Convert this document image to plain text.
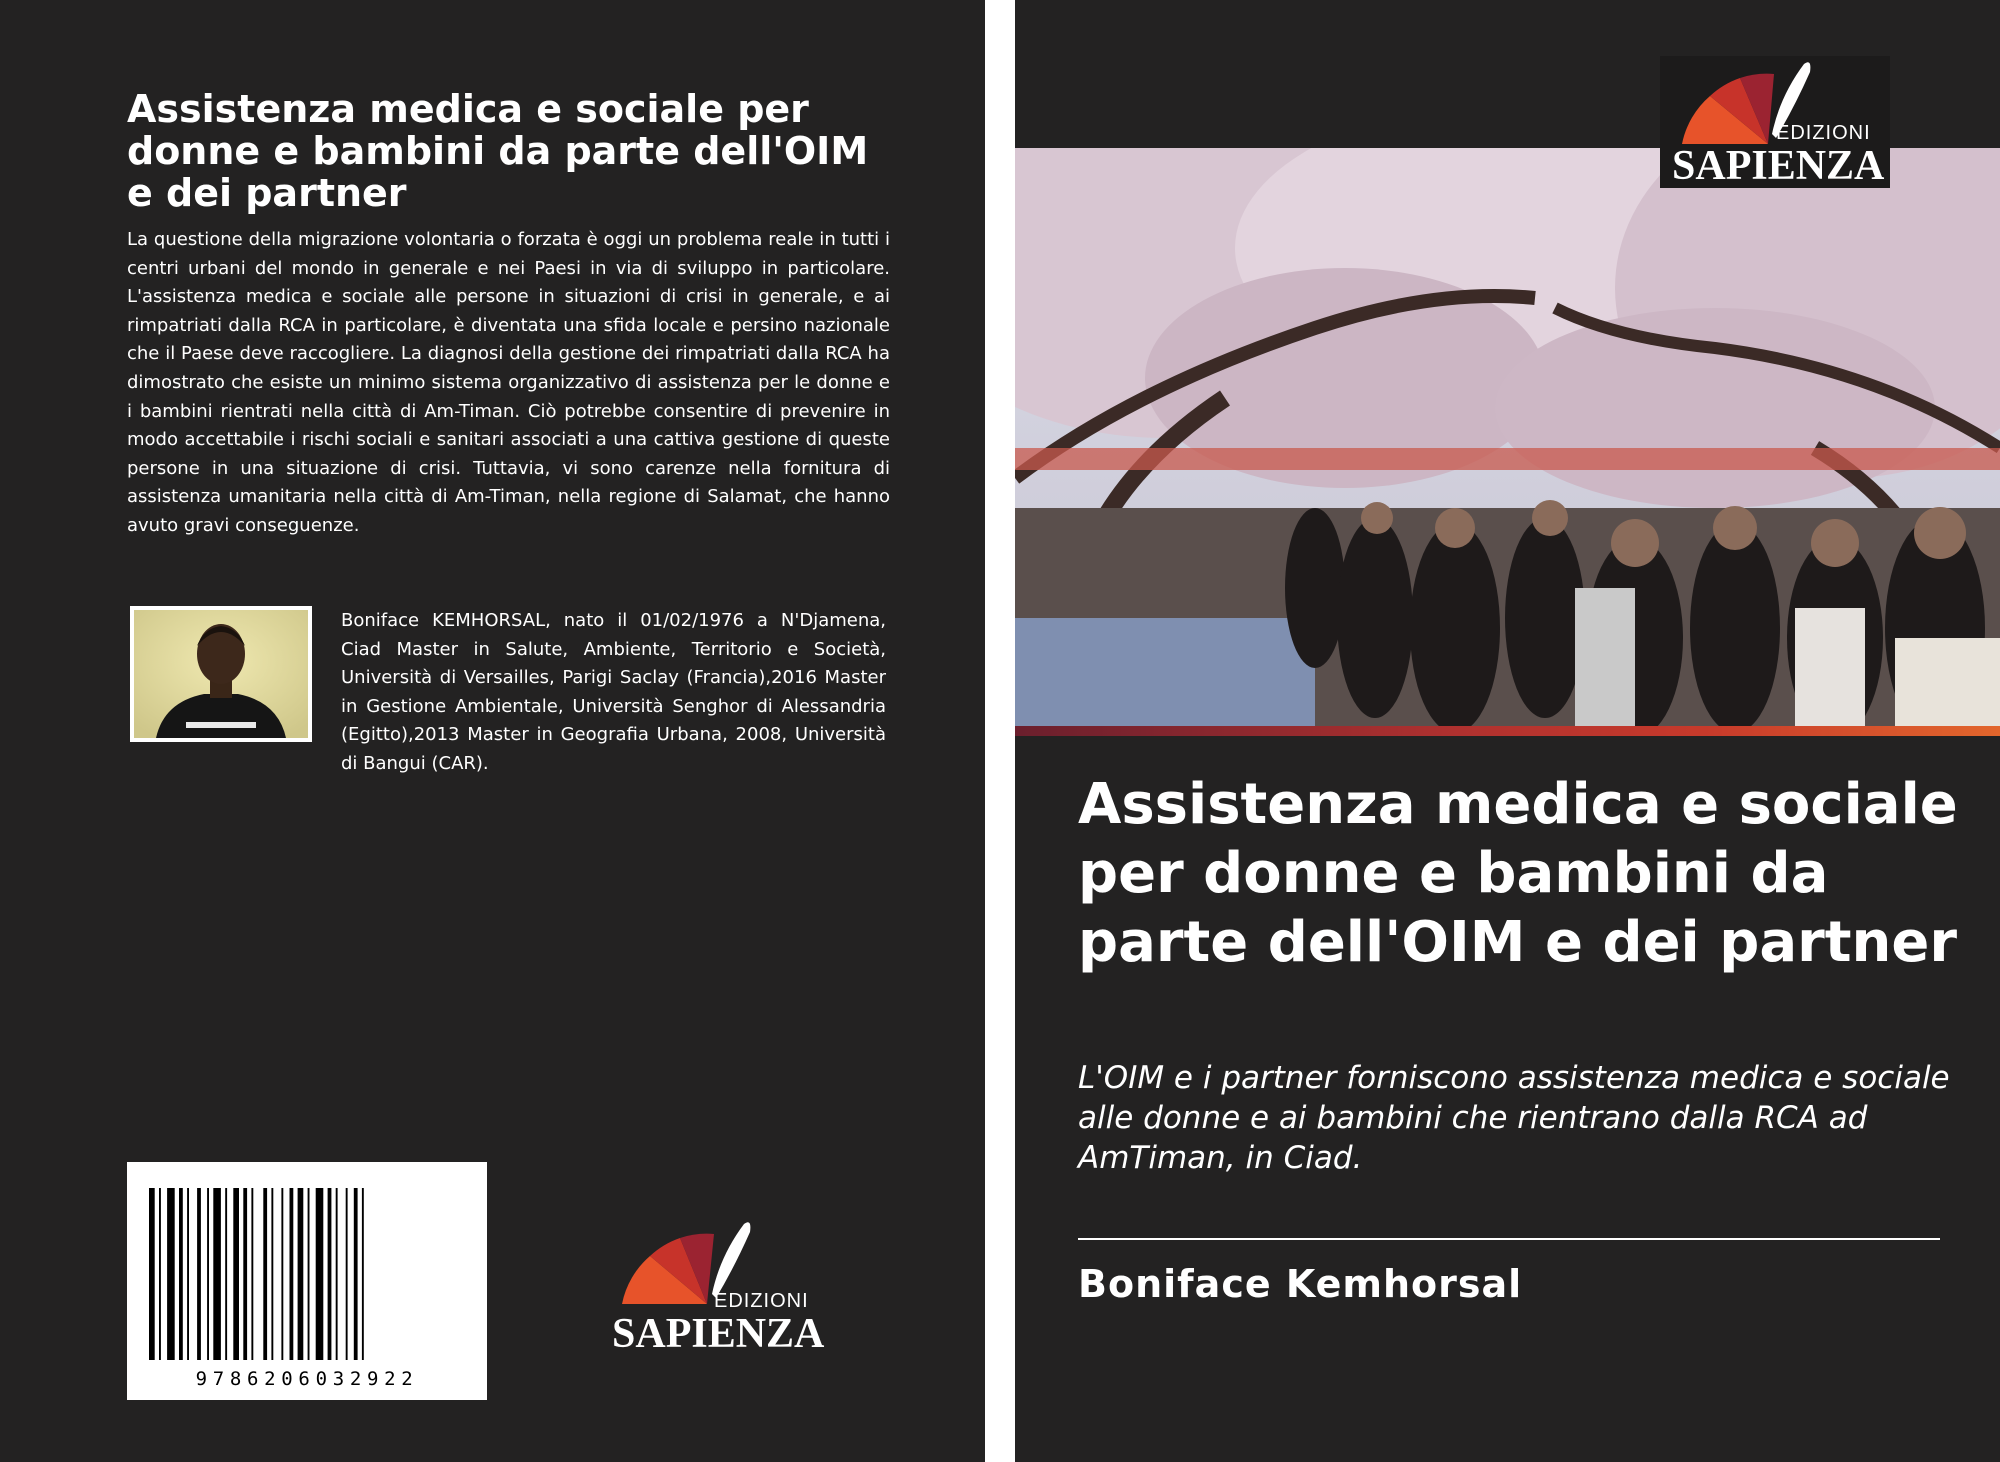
Assistenza medica e sociale per donne e bambini da parte dell'OIM e dei partner

La questione della migrazione volontaria o forzata è oggi un problema reale in tutti i centri urbani del mondo in generale e nei Paesi in via di sviluppo in particolare. L'assistenza medica e sociale alle persone in situazioni di crisi in generale, e ai rimpatriati dalla RCA in particolare, è diventata una sfida locale e persino nazionale che il Paese deve raccogliere. La diagnosi della gestione dei rimpatriati dalla RCA ha dimostrato che esiste un minimo sistema organizzativo di assistenza per le donne e i bambini rientrati nella città di Am-Timan. Ciò potrebbe consentire di prevenire in modo accettabile i rischi sociali e sanitari associati a una cattiva gestione di queste persone in una situazione di crisi. Tuttavia, vi sono carenze nella fornitura di assistenza umanitaria nella città di Am-Timan, nella regione di Salamat, che hanno avuto gravi conseguenze.

Boniface KEMHORSAL, nato il 01/02/1976 a N'Djamena, Ciad Master in Salute, Ambiente, Territorio e Società, Università di Versailles, Parigi Saclay (Francia),2016 Master in Gestione Ambientale, Università Senghor di Alessandria (Egitto),2013 Master in Geografia Urbana, 2008, Università di Bangui (CAR).

9786206032922
EDIZIONI
SAPIENZA
EDIZIONI
SAPIENZA
Assistenza medica e sociale per donne e bambini da parte dell'OIM e dei partner

L'OIM e i partner forniscono assistenza medica e sociale alle donne e ai bambini che rientrano dalla RCA ad AmTiman, in Ciad.

Boniface Kemhorsal
